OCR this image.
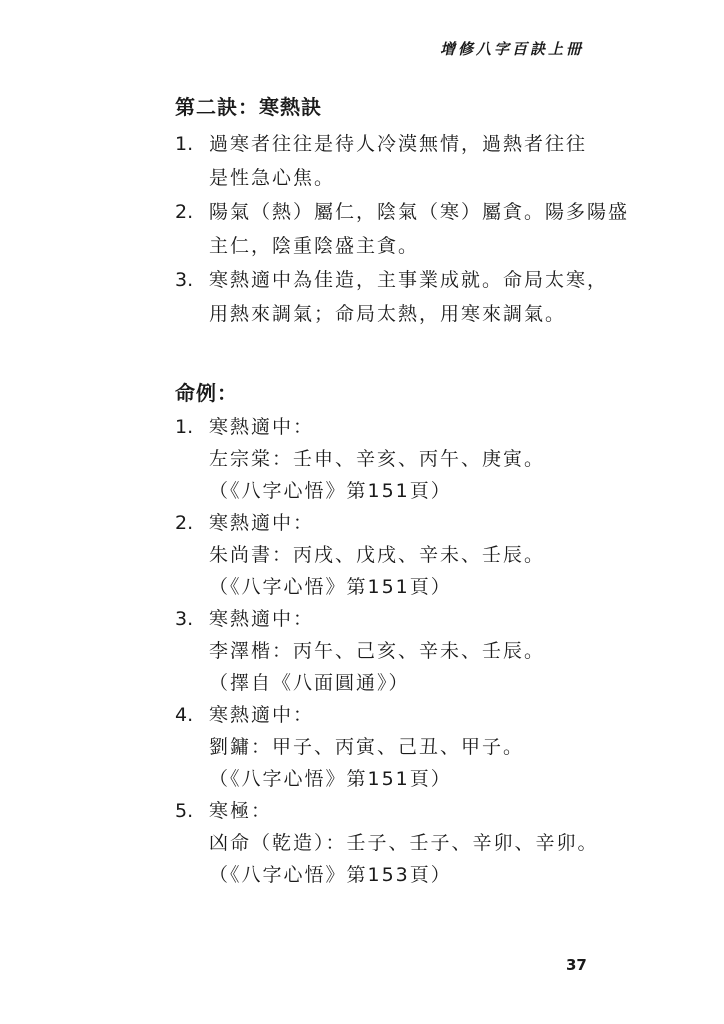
增修八字百訣上冊
第二訣：寒熱訣
1. 過寒者往往是待人冷漠無情，過熱者往往
是性急心焦。
2. 陽氣（熱）屬仁，陰氣（寒）屬貪。陽多陽盛
主仁，陰重陰盛主貪。
3. 寒熱適中為佳造，主事業成就。命局太寒，
用熱來調氣；命局太熱，用寒來調氣。
命例：
1. 寒熱適中：
左宗棠：壬申、辛亥、丙午、庚寅。
（《八字心悟》第151頁）
2. 寒熱適中：
朱尚書：丙戌、戊戌、辛未、壬辰。
（《八字心悟》第151頁）
3. 寒熱適中：
李澤楷：丙午、己亥、辛未、壬辰。
（擇自《八面圓通》）
4. 寒熱適中：
劉鏞：甲子、丙寅、己丑、甲子。
（《八字心悟》第151頁）
5. 寒極：
凶命（乾造）：壬子、壬子、辛卯、辛卯。
（《八字心悟》第153頁）
37
